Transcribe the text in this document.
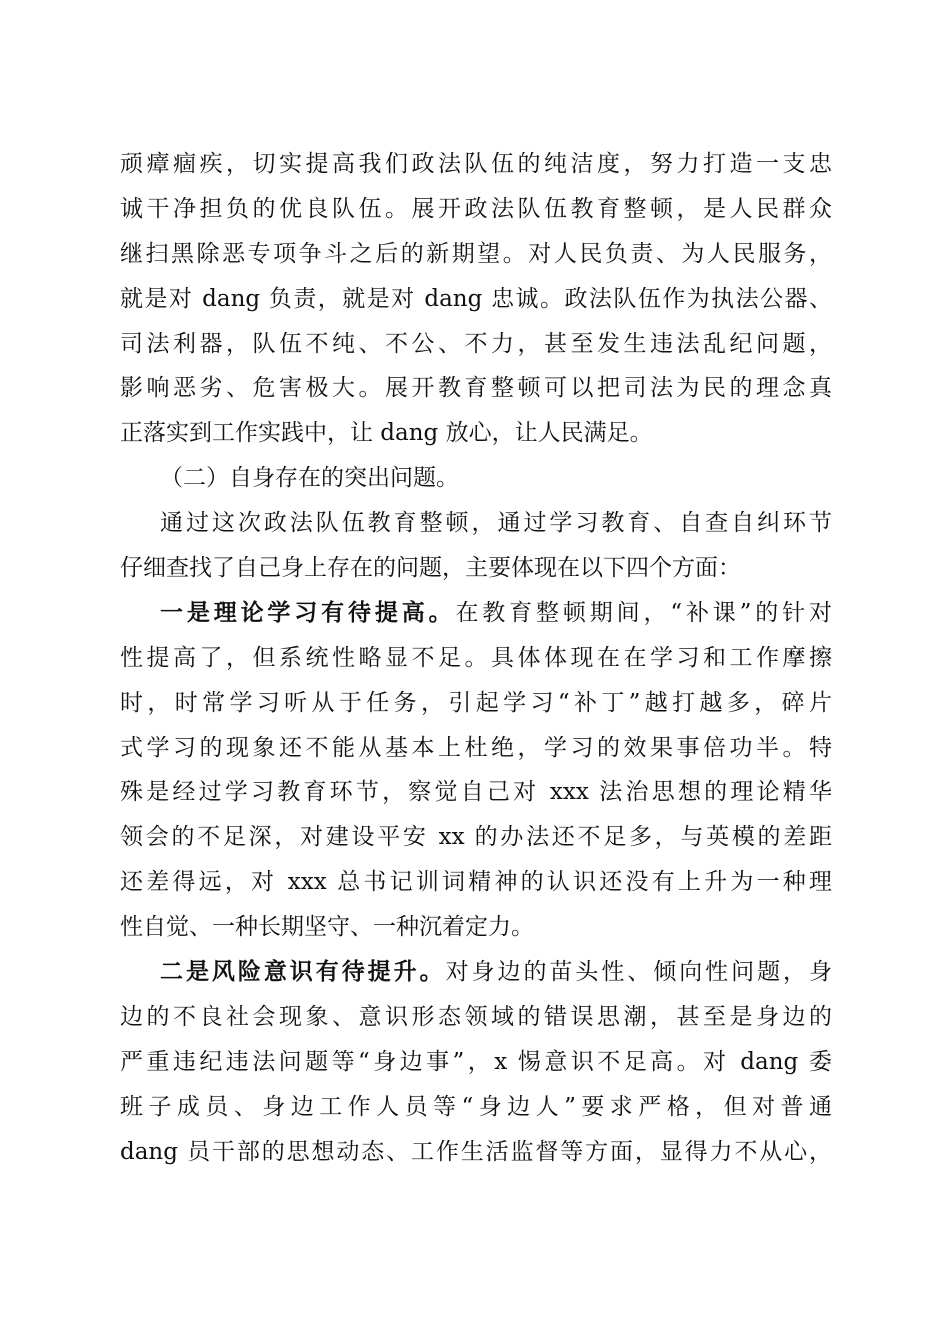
顽瘴痼疾，切实提高我们政法队伍的纯洁度，努力打造一支忠
诚干净担负的优良队伍。展开政法队伍教育整顿，是人民群众
继扫黑除恶专项争斗之后的新期望。对人民负责、为人民服务，
就是对 dang 负责，就是对 dang 忠诚。政法队伍作为执法公器、
司法利器，队伍不纯、不公、不力，甚至发生违法乱纪问题，
影响恶劣、危害极大。展开教育整顿可以把司法为民的理念真
正落实到工作实践中，让 dang 放心，让人民满足。
（二）自身存在的突出问题。
通过这次政法队伍教育整顿，通过学习教育、自查自纠环节
仔细查找了自己身上存在的问题，主要体现在以下四个方面：
一是理论学习有待提高。在教育整顿期间，“补课”的针对
性提高了，但系统性略显不足。具体体现在在学习和工作摩擦
时，时常学习听从于任务，引起学习“补丁”越打越多，碎片
式学习的现象还不能从基本上杜绝，学习的效果事倍功半。特
殊是经过学习教育环节，察觉自己对 xxx 法治思想的理论精华
领会的不足深，对建设平安 xx 的办法还不足多，与英模的差距
还差得远，对 xxx 总书记训词精神的认识还没有上升为一种理
性自觉、一种长期坚守、一种沉着定力。
二是风险意识有待提升。对身边的苗头性、倾向性问题，身
边的不良社会现象、意识形态领域的错误思潮，甚至是身边的
严重违纪违法问题等“身边事”，x 惕意识不足高。对 dang 委
班子成员、身边工作人员等“身边人”要求严格，但对普通
dang 员干部的思想动态、工作生活监督等方面，显得力不从心，
